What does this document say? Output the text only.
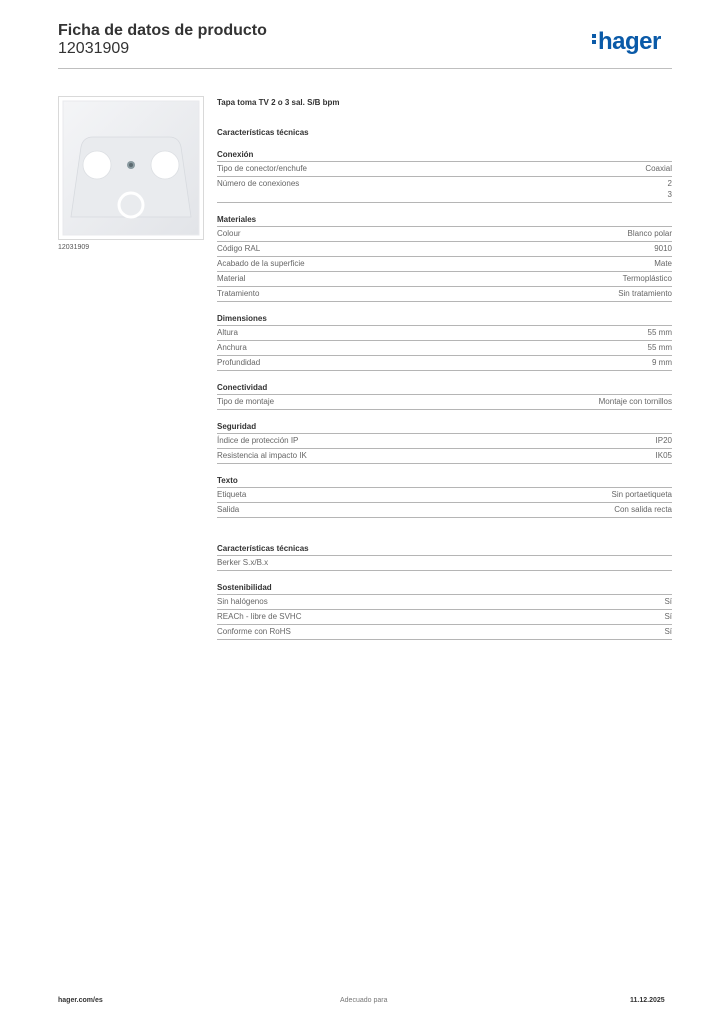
Ficha de datos de producto
12031909	hager
12031909
Tapa toma TV 2 o 3 sal. S/B bpm
Características técnicas
Conexión
Tipo de conector/enchufe	Coaxial
Número de conexiones	2
3
Materiales
Colour	Blanco polar
Código RAL	9010
Acabado de la superficie	Mate
Material	Termoplástico
Tratamiento	Sin tratamiento
Dimensiones
Altura	55 mm
Anchura	55 mm
Profundidad	9 mm
Conectividad
Tipo de montaje	Montaje con tornillos
Seguridad
Índice de protección IP	IP20
Resistencia al impacto IK	IK05
Texto
Etiqueta	Sin portaetiqueta
Salida	Con salida recta
Características técnicas
Berker S.x/B.x
Sostenibilidad
Sin halógenos	Sí
REACh - libre de SVHC	Sí
Conforme con RoHS	Sí
hager.com/es	Adecuado para	11.12.2025
